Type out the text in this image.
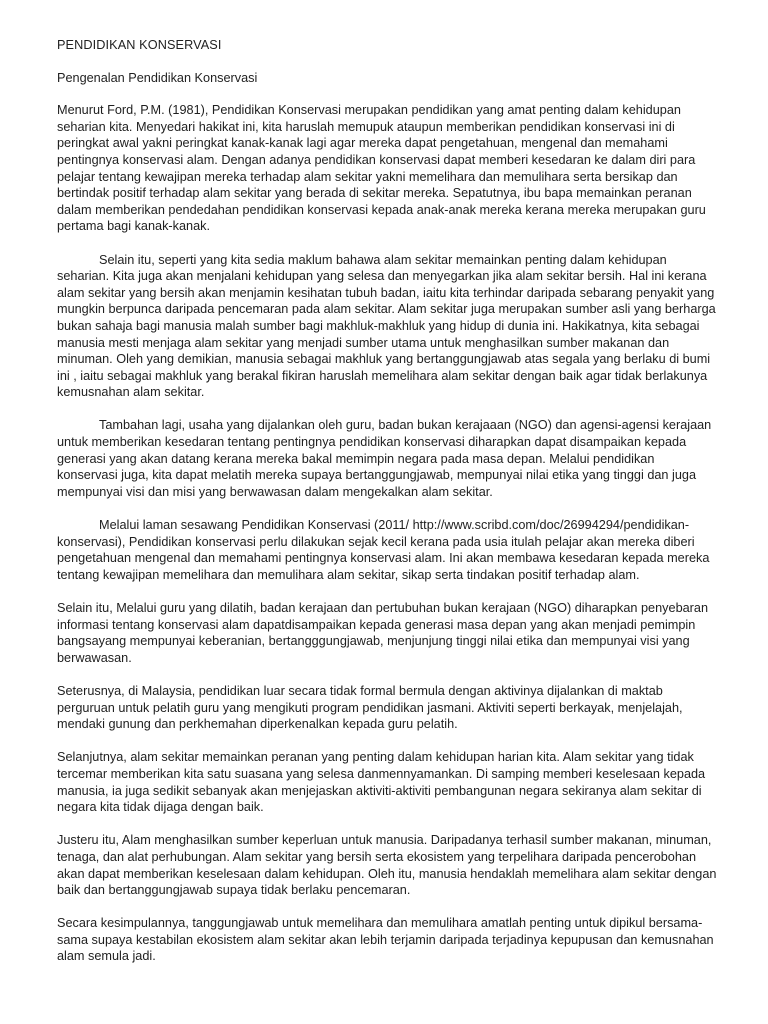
PENDIDIKAN KONSERVASI
Pengenalan Pendidikan Konservasi

Menurut Ford, P.M. (1981), Pendidikan Konservasi merupakan pendidikan yang amat penting dalam kehidupan seharian kita. Menyedari hakikat ini, kita haruslah memupuk ataupun memberikan pendidikan konservasi ini di peringkat awal yakni peringkat kanak-kanak lagi agar mereka dapat pengetahuan, mengenal dan memahami pentingnya konservasi alam. Dengan adanya pendidikan konservasi dapat memberi kesedaran ke dalam diri para pelajar tentang kewajipan mereka terhadap alam sekitar yakni memelihara dan memulihara serta bersikap dan bertindak positif terhadap alam sekitar yang berada di sekitar mereka. Sepatutnya, ibu bapa memainkan peranan dalam memberikan pendedahan pendidikan konservasi kepada anak-anak mereka kerana mereka merupakan guru pertama bagi kanak-kanak.

Selain itu, seperti yang kita sedia maklum bahawa alam sekitar memainkan penting dalam kehidupan seharian. Kita juga akan menjalani kehidupan yang selesa dan menyegarkan jika alam sekitar bersih. Hal ini kerana alam sekitar yang bersih akan menjamin kesihatan tubuh badan, iaitu kita terhindar daripada sebarang penyakit yang mungkin berpunca daripada pencemaran pada alam sekitar. Alam sekitar juga merupakan sumber asli yang berharga bukan sahaja bagi manusia malah sumber bagi makhluk-makhluk yang hidup di dunia ini. Hakikatnya, kita sebagai manusia mesti menjaga alam sekitar yang menjadi sumber utama untuk menghasilkan sumber makanan dan minuman. Oleh yang demikian, manusia sebagai makhluk yang bertanggungjawab atas segala yang berlaku di bumi ini , iaitu sebagai makhluk yang berakal fikiran haruslah memelihara alam sekitar dengan baik agar tidak berlakunya kemusnahan alam sekitar.

Tambahan lagi, usaha yang dijalankan oleh guru, badan bukan kerajaaan (NGO) dan agensi-agensi kerajaan untuk memberikan kesedaran tentang pentingnya pendidikan konservasi diharapkan dapat disampaikan kepada generasi yang akan datang kerana mereka bakal memimpin negara pada masa depan. Melalui pendidikan konservasi juga, kita dapat melatih mereka supaya bertanggungjawab, mempunyai nilai etika yang tinggi dan juga mempunyai visi dan misi yang berwawasan dalam mengekalkan alam sekitar.

Melalui laman sesawang Pendidikan Konservasi (2011/ http://www.scribd.com/doc/26994294/pendidikan-konservasi), Pendidikan konservasi perlu dilakukan sejak kecil kerana pada usia itulah pelajar akan mereka diberi pengetahuan mengenal dan memahami pentingnya konservasi alam. Ini akan membawa kesedaran kepada mereka tentang kewajipan memelihara dan memulihara alam sekitar, sikap serta tindakan positif terhadap alam.

Selain itu, Melalui guru yang dilatih, badan kerajaan dan pertubuhan bukan kerajaan (NGO) diharapkan penyebaran informasi tentang konservasi alam dapatdisampaikan kepada generasi masa depan yang akan menjadi pemimpin bangsayang mempunyai keberanian, bertangggungjawab, menjunjung tinggi nilai etika dan mempunyai visi yang berwawasan.

Seterusnya, di Malaysia, pendidikan luar secara tidak formal bermula dengan aktivinya dijalankan di maktab perguruan untuk pelatih guru yang mengikuti program pendidikan jasmani. Aktiviti seperti berkayak, menjelajah, mendaki gunung dan perkhemahan diperkenalkan kepada guru pelatih.

Selanjutnya, alam sekitar memainkan peranan yang penting dalam kehidupan harian kita. Alam sekitar yang tidak tercemar memberikan kita satu suasana yang selesa danmennyamankan. Di samping memberi keselesaan kepada manusia, ia juga sedikit sebanyak akan menjejaskan aktiviti-aktiviti pembangunan negara sekiranya alam sekitar di negara kita tidak dijaga dengan baik.

Justeru itu, Alam menghasilkan sumber keperluan untuk manusia. Daripadanya terhasil sumber makanan, minuman, tenaga, dan alat perhubungan. Alam sekitar yang bersih serta ekosistem yang terpelihara daripada pencerobohan akan dapat memberikan keselesaan dalam kehidupan. Oleh itu, manusia hendaklah memelihara alam sekitar dengan baik dan bertanggungjawab supaya tidak berlaku pencemaran.

Secara kesimpulannya, tanggungjawab untuk memelihara dan memulihara amatlah penting untuk dipikul bersama-sama supaya kestabilan ekosistem alam sekitar akan lebih terjamin daripada terjadinya kepupusan dan kemusnahan alam semula jadi.
